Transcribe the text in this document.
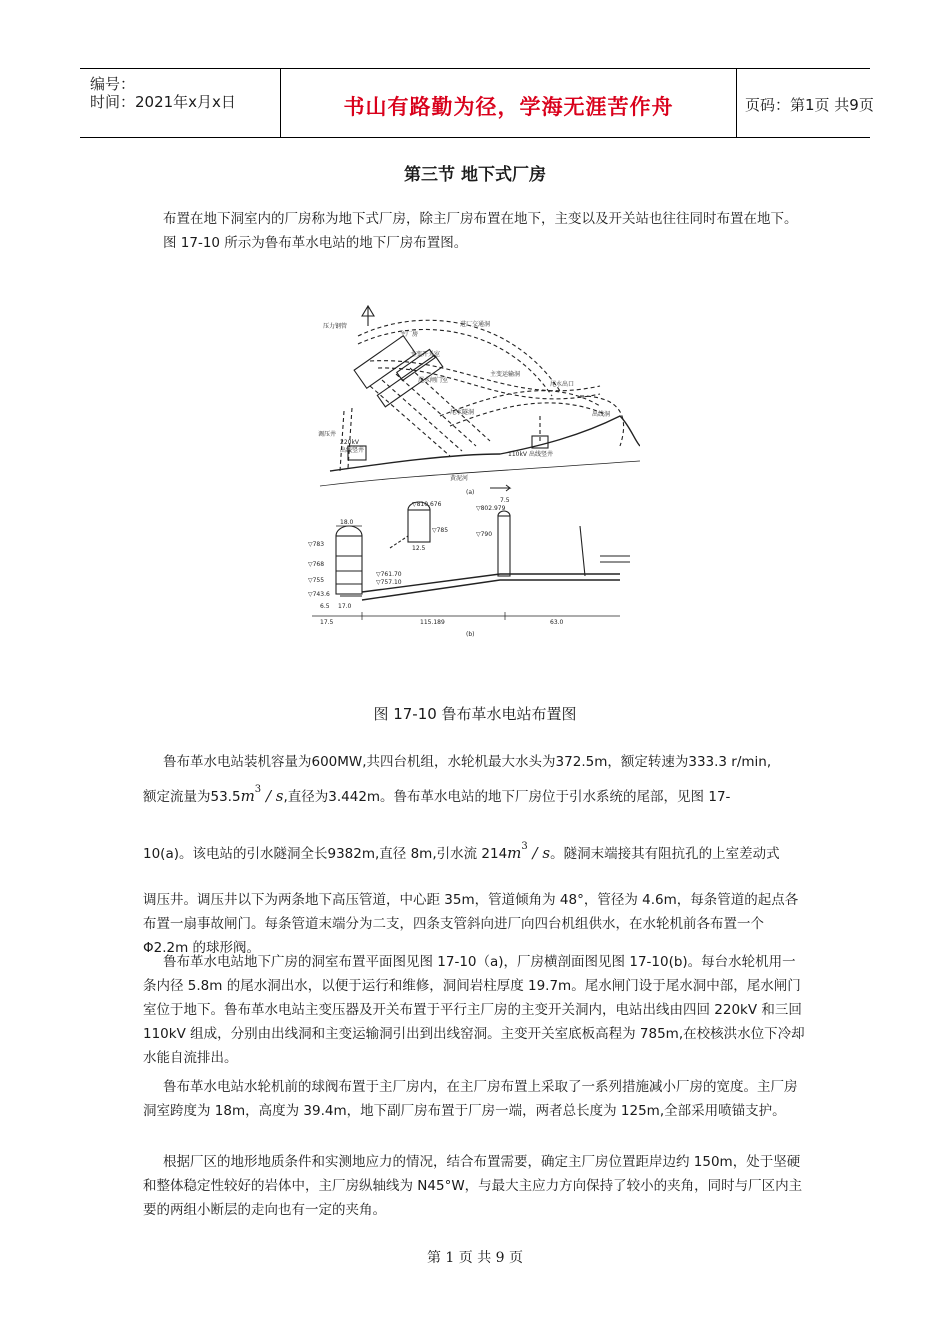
编号：
时间：2021年x月x日	书山有路勤为径，学海无涯苦作舟	页码：第1页 共9页
第三节 地下式厂房
布置在地下洞室内的厂房称为地下式厂房，除主厂房布置在地下，主变以及开关站也往往同时布置在地下。
图 17-10 所示为鲁布革水电站的地下厂房布置图。
压力钢管
主厂房
主变开关室
尾水闸门室
尾水隧洞
进厂交通洞
220kV
出线竖井
110kV 出线竖井
调压井
黄泥河
(a)
出线洞
主变运输洞
尾水出口
▽810.676
▽802.979
▽785
▽790
▽783
▽768
▽755
▽743.6
▽761.70
▽757.10
18.0
12.5
7.5
6.5 17.0
17.5	115.189	63.0
(b)
图 17-10 鲁布革水电站布置图
鲁布革水电站装机容量为600MW,共四台机组，水轮机最大水头为372.5m，额定转速为333.3 r/min,
额定流量为$53.5m^3$ / s,直径为3.442m。鲁布革水电站的地下厂房位于引水系统的尾部，见图 17-
10(a)。该电站的引水隧洞全长9382m,直径 8m,引水流 $214m^3$ / s。隧洞末端接其有阻抗孔的上室差动式
调压井。调压井以下为两条地下高压管道，中心距 35m，管道倾角为 48°，管径为 4.6m，每条管道的起点各布置一扇事故闸门。每条管道末端分为二支，四条支管斜向进厂向四台机组供水，在水轮机前各布置一个 Φ2.2m 的球形阀。
鲁布革水电站地下广房的洞室布置平面图见图 17-10（a)，厂房横剖面图见图 17-10(b)。每台水轮机用一条内径 5.8m 的尾水洞出水，以便于运行和维修，洞间岩柱厚度 19.7m。尾水闸门设于尾水洞中部，尾水闸门室位于地下。鲁布革水电站主变压器及开关布置于平行主厂房的主变开关洞内，电站出线由四回 220kV 和三回 110kV 组成，分别由出线洞和主变运输洞引出到出线窑洞。主变开关室底板高程为 785m,在校核洪水位下冷却水能自流排出。
鲁布革水电站水轮机前的球阀布置于主厂房内，在主厂房布置上采取了一系列措施减小厂房的宽度。主厂房洞室跨度为 18m，高度为 39.4m，地下副厂房布置于厂房一端，两者总长度为 125m,全部采用喷锚支护。
根据厂区的地形地质条件和实测地应力的情况，结合布置需要，确定主厂房位置距岸边约 150m，处于坚硬和整体稳定性较好的岩体中，主厂房纵轴线为 N45°W，与最大主应力方向保持了较小的夹角，同时与厂区内主要的两组小断层的走向也有一定的夹角。
第 1 页 共 9 页
